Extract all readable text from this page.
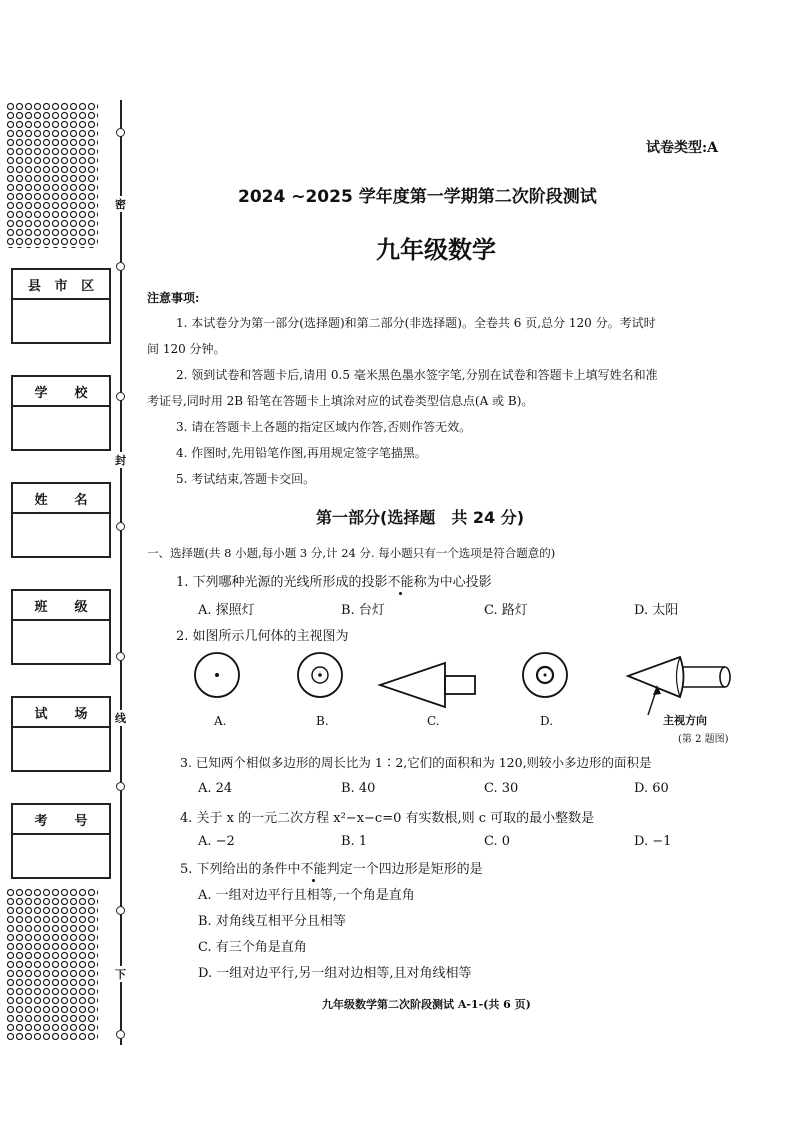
县 市 区
学 校
姓 名
班 级
试 场
考 号
密
封
线
下
试卷类型:A
2024 ~2025 学年度第一学期第二次阶段测试
九年级数学
注意事项:
1. 本试卷分为第一部分(选择题)和第二部分(非选择题)。全卷共 6 页,总分 120 分。考试时
间 120 分钟。
2. 领到试卷和答题卡后,请用 0.5 毫米黑色墨水签字笔,分别在试卷和答题卡上填写姓名和准
考证号,同时用 2B 铅笔在答题卡上填涂对应的试卷类型信息点(A 或 B)。
3. 请在答题卡上各题的指定区域内作答,否则作答无效。
4. 作图时,先用铅笔作图,再用规定签字笔描黑。
5. 考试结束,答题卡交回。
第一部分(选择题　共 24 分)
一、选择题(共 8 小题,每小题 3 分,计 24 分. 每小题只有一个选项是符合题意的)
1. 下列哪种光源的光线所形成的投影不能称为中心投影
A. 探照灯	B. 台灯	C. 路灯	D. 太阳
2. 如图所示几何体的主视图为
A.	B.	C.	D.	主视方向
(第 2 题图)
3. 已知两个相似多边形的周长比为 1∶2,它们的面积和为 120,则较小多边形的面积是
A. 24	B. 40	C. 30	D. 60
4. 关于 x 的一元二次方程 x²−x−c=0 有实数根,则 c 可取的最小整数是
A. −2	B. 1	C. 0	D. −1
5. 下列给出的条件中不能判定一个四边形是矩形的是
A. 一组对边平行且相等,一个角是直角
B. 对角线互相平分且相等
C. 有三个角是直角
D. 一组对边平行,另一组对边相等,且对角线相等
九年级数学第二次阶段测试 A-1-(共 6 页)
